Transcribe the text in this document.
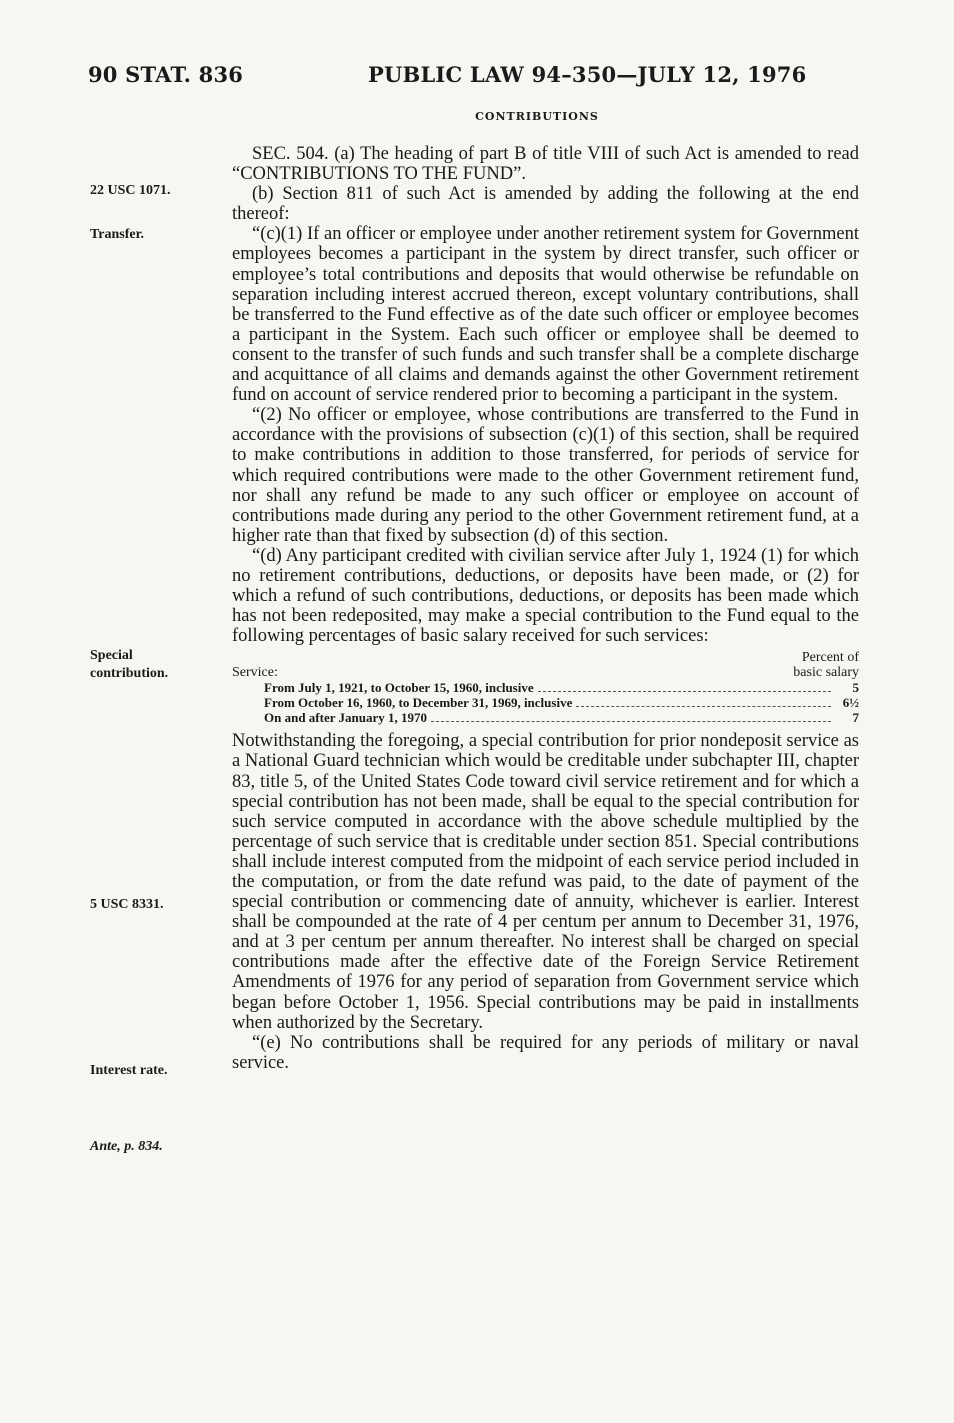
90 STAT. 836	PUBLIC LAW 94–350—JULY 12, 1976
CONTRIBUTIONS
22 USC 1071.
Transfer.
Special contribution.
5 USC 8331.
Interest rate.
Ante, p. 834.

SEC. 504. (a) The heading of part B of title VIII of such Act is amended to read “CONTRIBUTIONS TO THE FUND”.

(b) Section 811 of such Act is amended by adding the following at the end thereof:

“(c)(1) If an officer or employee under another retirement system for Government employees becomes a participant in the system by direct transfer, such officer or employee’s total contributions and deposits that would otherwise be refundable on separation including interest accrued thereon, except voluntary contributions, shall be transferred to the Fund effective as of the date such officer or employee becomes a participant in the System. Each such officer or employee shall be deemed to consent to the transfer of such funds and such transfer shall be a complete discharge and acquittance of all claims and demands against the other Government retirement fund on account of service rendered prior to becoming a participant in the system.

“(2) No officer or employee, whose contributions are transferred to the Fund in accordance with the provisions of subsection (c)(1) of this section, shall be required to make contributions in addition to those transferred, for periods of service for which required contributions were made to the other Government retirement fund, nor shall any refund be made to any such officer or employee on account of contributions made during any period to the other Government retirement fund, at a higher rate than that fixed by subsection (d) of this section.

“(d) Any participant credited with civilian service after July 1, 1924 (1) for which no retirement contributions, deductions, or deposits have been made, or (2) for which a refund of such contributions, deductions, or deposits has been made which has not been redeposited, may make a special contribution to the Fund equal to the following percentages of basic salary received for such services:

Service:
Percent of
basic salary
From July 1, 1921, to October 15, 1960, inclusive	5
From October 16, 1960, to December 31, 1969, inclusive	6½
On and after January 1, 1970	7

Notwithstanding the foregoing, a special contribution for prior nondeposit service as a National Guard technician which would be creditable under subchapter III, chapter 83, title 5, of the United States Code toward civil service retirement and for which a special contribution has not been made, shall be equal to the special contribution for such service computed in accordance with the above schedule multiplied by the percentage of such service that is creditable under section 851. Special contributions shall include interest computed from the midpoint of each service period included in the computation, or from the date refund was paid, to the date of payment of the special contribution or commencing date of annuity, whichever is earlier. Interest shall be compounded at the rate of 4 per centum per annum to December 31, 1976, and at 3 per centum per annum thereafter. No interest shall be charged on special contributions made after the effective date of the Foreign Service Retirement Amendments of 1976 for any period of separation from Government service which began before October 1, 1956. Special contributions may be paid in installments when authorized by the Secretary.

“(e) No contributions shall be required for any periods of military or naval service.
